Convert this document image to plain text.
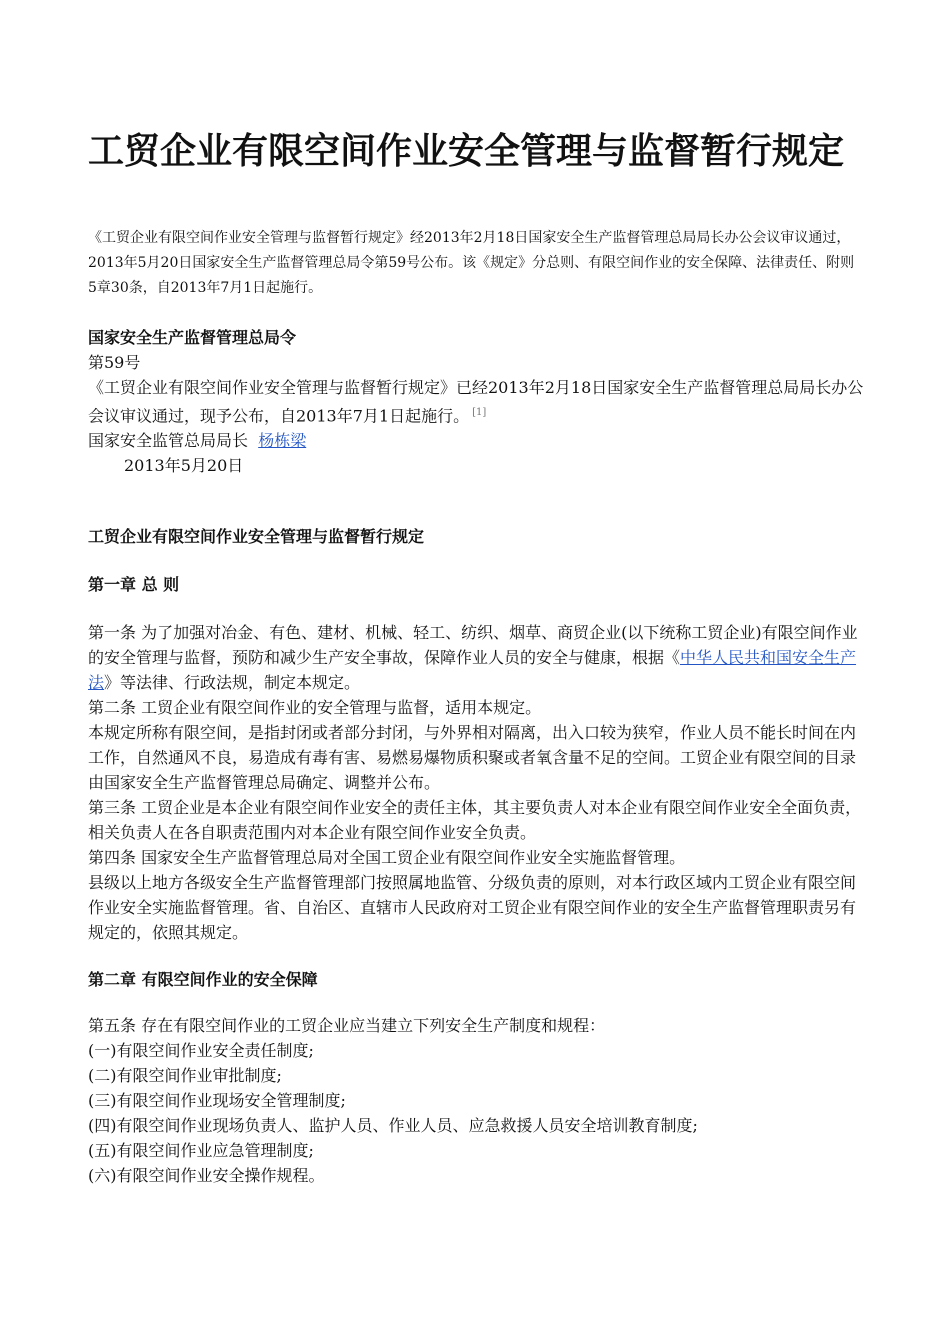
工贸企业有限空间作业安全管理与监督暂行规定

《工贸企业有限空间作业安全管理与监督暂行规定》经2013年2月18日国家安全生产监督管理总局局长办公会议审议通过，2013年5月20日国家安全生产监督管理总局令第59号公布。该《规定》分总则、有限空间作业的安全保障、法律责任、附则5章30条，自2013年7月1日起施行。

国家安全生产监督管理总局令

第59号

《工贸企业有限空间作业安全管理与监督暂行规定》已经2013年2月18日国家安全生产监督管理总局局长办公会议审议通过，现予公布，自2013年7月1日起施行。 [1]

国家安全监管总局局长 杨栋梁

2013年5月20日

工贸企业有限空间作业安全管理与监督暂行规定

第一章 总 则

第一条 为了加强对冶金、有色、建材、机械、轻工、纺织、烟草、商贸企业(以下统称工贸企业)有限空间作业的安全管理与监督，预防和减少生产安全事故，保障作业人员的安全与健康，根据《中华人民共和国安全生产法》等法律、行政法规，制定本规定。

第二条 工贸企业有限空间作业的安全管理与监督，适用本规定。

本规定所称有限空间，是指封闭或者部分封闭，与外界相对隔离，出入口较为狭窄，作业人员不能长时间在内工作，自然通风不良，易造成有毒有害、易燃易爆物质积聚或者氧含量不足的空间。工贸企业有限空间的目录由国家安全生产监督管理总局确定、调整并公布。

第三条 工贸企业是本企业有限空间作业安全的责任主体，其主要负责人对本企业有限空间作业安全全面负责，相关负责人在各自职责范围内对本企业有限空间作业安全负责。

第四条 国家安全生产监督管理总局对全国工贸企业有限空间作业安全实施监督管理。

县级以上地方各级安全生产监督管理部门按照属地监管、分级负责的原则，对本行政区域内工贸企业有限空间作业安全实施监督管理。省、自治区、直辖市人民政府对工贸企业有限空间作业的安全生产监督管理职责另有规定的，依照其规定。

第二章 有限空间作业的安全保障

第五条 存在有限空间作业的工贸企业应当建立下列安全生产制度和规程：

(一)有限空间作业安全责任制度;

(二)有限空间作业审批制度;

(三)有限空间作业现场安全管理制度;

(四)有限空间作业现场负责人、监护人员、作业人员、应急救援人员安全培训教育制度;

(五)有限空间作业应急管理制度;

(六)有限空间作业安全操作规程。
